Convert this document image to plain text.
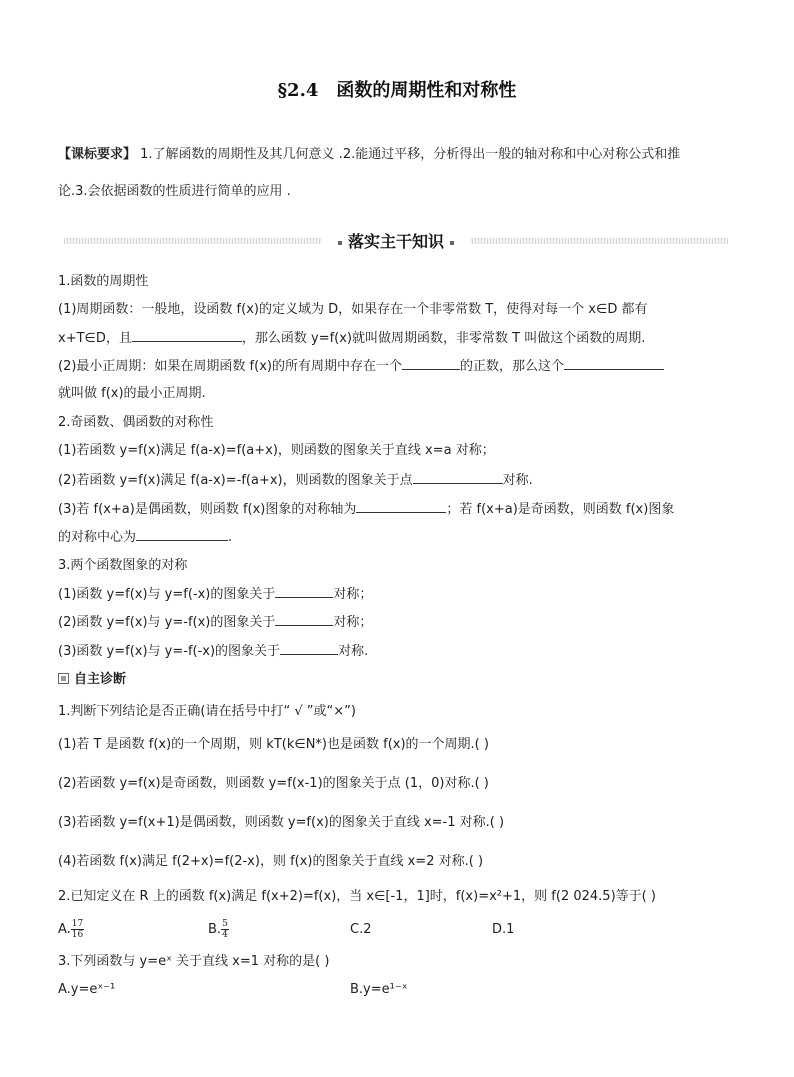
§2.4　函数的周期性和对称性
【课标要求】 1.了解函数的周期性及其几何意义 .2.能通过平移，分析得出一般的轴对称和中心对称公式和推
论.3.会依据函数的性质进行简单的应用 .
落实主干知识
1.函数的周期性
(1)周期函数：一般地，设函数 f(x)的定义域为 D，如果存在一个非零常数 T，使得对每一个 x∈D 都有
x+T∈D，且	，那么函数 y=f(x)就叫做周期函数，非零常数 T 叫做这个函数的周期.
(2)最小正周期：如果在周期函数 f(x)的所有周期中存在一个	的正数，那么这个
就叫做 f(x)的最小正周期.
2.奇函数、偶函数的对称性
(1)若函数 y=f(x)满足 f(a-x)=f(a+x)，则函数的图象关于直线 x=a 对称；
(2)若函数 y=f(x)满足 f(a-x)=-f(a+x)，则函数的图象关于点	对称.
(3)若 f(x+a)是偶函数，则函数 f(x)图象的对称轴为	；若 f(x+a)是奇函数，则函数 f(x)图象
的对称中心为	.
3.两个函数图象的对称
(1)函数 y=f(x)与 y=f(-x)的图象关于	对称；
(2)函数 y=f(x)与 y=-f(x)的图象关于	对称；
(3)函数 y=f(x)与 y=-f(-x)的图象关于	对称.
自主诊断
1.判断下列结论是否正确(请在括号中打“ √ ”或“×”)
(1)若 T 是函数 f(x)的一个周期，则 kT(k∈N*)也是函数 f(x)的一个周期.( )
(2)若函数 y=f(x)是奇函数，则函数 y=f(x-1)的图象关于点 (1，0)对称.( )
(3)若函数 y=f(x+1)是偶函数，则函数 y=f(x)的图象关于直线 x=-1 对称.( )
(4)若函数 f(x)满足 f(2+x)=f(2-x)，则 f(x)的图象关于直线 x=2 对称.( )
2.已知定义在 R 上的函数 f(x)满足 f(x+2)=f(x)，当 x∈[-1，1]时，f(x)=x²+1，则 f(2 024.5)等于( )
A. $\frac{17}{16}$	B. $\frac{5}{4}$	C.2	D.1
3.下列函数与 y=eˣ 关于直线 x=1 对称的是( )
A.y=eˣ⁻¹	B.y=e¹⁻ˣ
